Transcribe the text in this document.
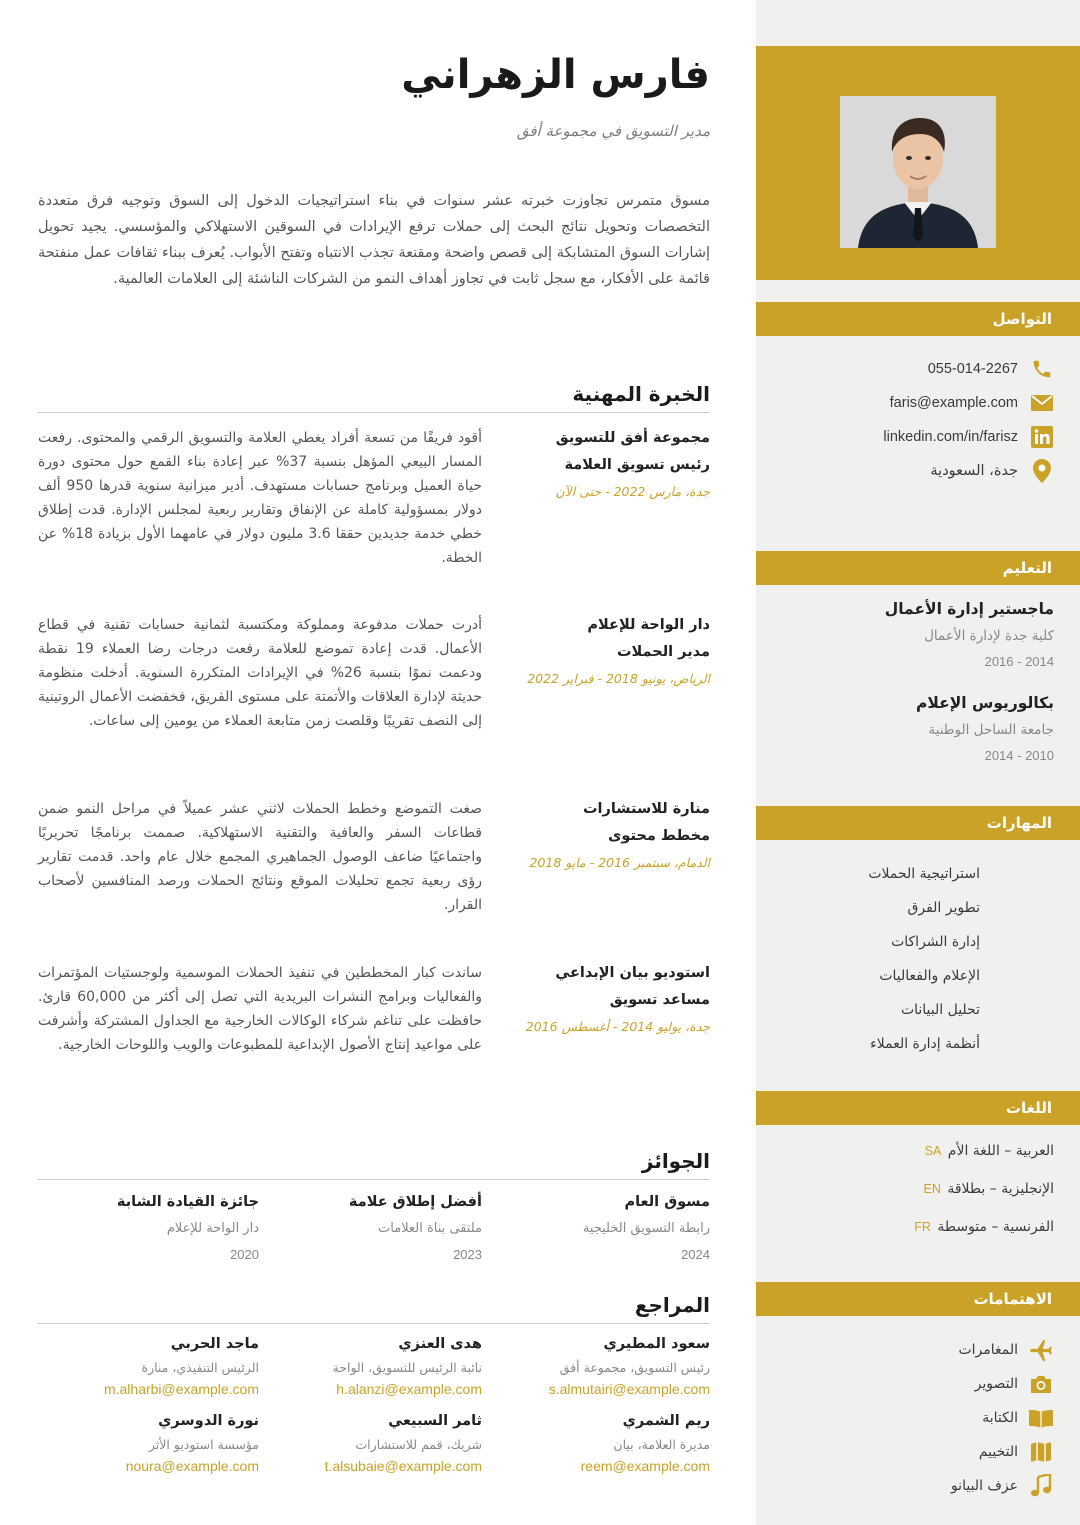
التواصل
055-014-2267
faris@example.com
linkedin.com/in/farisz
جدة، السعودية
التعليم
ماجستير إدارة الأعمال
كلية جدة لإدارة الأعمال
2014 - 2016
بكالوريوس الإعلام
جامعة الساحل الوطنية
2010 - 2014
المهارات
استراتيجية الحملات
تطوير الفرق
إدارة الشراكات
الإعلام والفعاليات
تحليل البيانات
أنظمة إدارة العملاء
اللغات
العربية – اللغة الأم SA
الإنجليزية – بطلاقة EN
الفرنسية – متوسطة FR
الاهتمامات
المغامرات
التصوير
الكتابة
التخييم
عزف البيانو
فارس الزهراني
مدير التسويق في مجموعة أفق

مسوق متمرس تجاوزت خبرته عشر سنوات في بناء استراتيجيات الدخول إلى السوق وتوجيه فرق متعددة التخصصات وتحويل نتائج البحث إلى حملات ترفع الإيرادات في السوقين الاستهلاكي والمؤسسي. يجيد تحويل إشارات السوق المتشابكة إلى قصص واضحة ومقنعة تجذب الانتباه وتفتح الأبواب. يُعرف ببناء ثقافات عمل منفتحة قائمة على الأفكار، مع سجل ثابت في تجاوز أهداف النمو من الشركات الناشئة إلى العلامات العالمية.

الخبرة المهنية
مجموعة أفق للتسويق
رئيس تسويق العلامة
جدة، مارس 2022 - حتى الآن

أقود فريقًا من تسعة أفراد يغطي العلامة والتسويق الرقمي والمحتوى. رفعت المسار البيعي المؤهل بنسبة 37% عبر إعادة بناء القمع حول محتوى دورة حياة العميل وبرنامج حسابات مستهدف. أدير ميزانية سنوية قدرها 950 ألف دولار بمسؤولية كاملة عن الإنفاق وتقارير ربعية لمجلس الإدارة. قدت إطلاق خطي خدمة جديدين حققا 3.6 مليون دولار في عامهما الأول بزيادة 18% عن الخطة.

دار الواحة للإعلام
مدير الحملات
الرياض، يونيو 2018 - فبراير 2022

أدرت حملات مدفوعة ومملوكة ومكتسبة لثمانية حسابات تقنية في قطاع الأعمال. قدت إعادة تموضع للعلامة رفعت درجات رضا العملاء 19 نقطة ودعمت نموًا بنسبة 26% في الإيرادات المتكررة السنوية. أدخلت منظومة حديثة لإدارة العلاقات والأتمتة على مستوى الفريق، فخفضت الأعمال الروتينية إلى النصف تقريبًا وقلصت زمن متابعة العملاء من يومين إلى ساعات.

منارة للاستشارات
مخطط محتوى
الدمام، سبتمبر 2016 - مايو 2018

صغت التموضع وخطط الحملات لاثني عشر عميلاً في مراحل النمو ضمن قطاعات السفر والعافية والتقنية الاستهلاكية. صممت برنامجًا تحريريًا واجتماعيًا ضاعف الوصول الجماهيري المجمع خلال عام واحد. قدمت تقارير رؤى ربعية تجمع تحليلات الموقع ونتائج الحملات ورصد المنافسين لأصحاب القرار.

استوديو بيان الإبداعي
مساعد تسويق
جدة، يوليو 2014 - أغسطس 2016

ساندت كبار المخططين في تنفيذ الحملات الموسمية ولوجستيات المؤتمرات والفعاليات وبرامج النشرات البريدية التي تصل إلى أكثر من 60,000 قارئ. حافظت على تناغم شركاء الوكالات الخارجية مع الجداول المشتركة وأشرفت على مواعيد إنتاج الأصول الإبداعية للمطبوعات والويب واللوحات الخارجية.

الجوائز
مسوق العام
رابطة التسويق الخليجية
2024
أفضل إطلاق علامة
ملتقى بناة العلامات
2023
جائزة القيادة الشابة
دار الواحة للإعلام
2020
المراجع
سعود المطيري
رئيس التسويق، مجموعة أفق
s.almutairi@example.com
هدى العنزي
نائبة الرئيس للتسويق، الواحة
h.alanzi@example.com
ماجد الحربي
الرئيس التنفيذي، منارة
m.alharbi@example.com
ريم الشمري
مديرة العلامة، بيان
reem@example.com
ثامر السبيعي
شريك، قمم للاستشارات
t.alsubaie@example.com
نورة الدوسري
مؤسسة استوديو الأثر
noura@example.com
